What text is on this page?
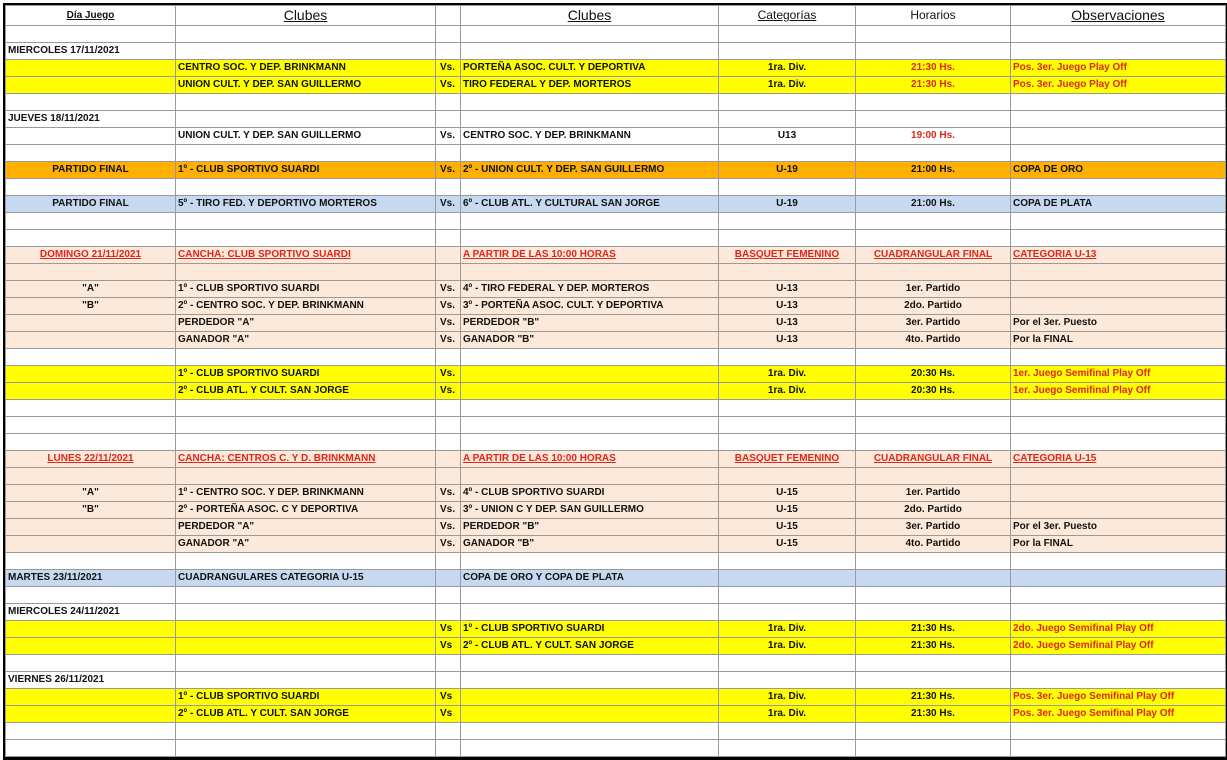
Día Juego	Clubes		Clubes	Categorías	Horarios	Observaciones

MIERCOLES 17/11/2021						
	CENTRO SOC. Y DEP. BRINKMANN	Vs.	PORTEÑA ASOC. CULT. Y DEPORTIVA	1ra. Div.	21:30 Hs.	Pos. 3er. Juego Play Off
	UNION CULT. Y DEP. SAN GUILLERMO	Vs.	TIRO FEDERAL Y DEP. MORTEROS	1ra. Div.	21:30 Hs.	Pos. 3er. Juego Play Off

JUEVES 18/11/2021						
	UNION CULT. Y DEP. SAN GUILLERMO	Vs.	CENTRO SOC. Y DEP. BRINKMANN	U13	19:00 Hs.	

PARTIDO FINAL	1º - CLUB SPORTIVO SUARDI	Vs.	2º - UNION CULT. Y DEP. SAN GUILLERMO	U-19	21:00 Hs.	COPA DE ORO

PARTIDO FINAL	5º - TIRO FED. Y DEPORTIVO MORTEROS	Vs.	6º - CLUB ATL. Y CULTURAL SAN JORGE	U-19	21:00 Hs.	COPA DE PLATA

DOMINGO 21/11/2021	CANCHA: CLUB SPORTIVO SUARDI		A PARTIR DE LAS 10:00 HORAS	BASQUET FEMENINO	CUADRANGULAR FINAL	CATEGORIA U-13

"A"	1º - CLUB SPORTIVO SUARDI	Vs.	4º - TIRO FEDERAL Y DEP. MORTEROS	U-13	1er. Partido	
"B"	2º - CENTRO SOC. Y DEP. BRINKMANN	Vs.	3º - PORTEÑA ASOC. CULT. Y DEPORTIVA	U-13	2do. Partido	
	PERDEDOR "A"	Vs.	PERDEDOR "B"	U-13	3er. Partido	Por el 3er. Puesto
	GANADOR "A"	Vs.	GANADOR "B"	U-13	4to. Partido	Por la FINAL

	1º - CLUB SPORTIVO SUARDI	Vs.		1ra. Div.	20:30 Hs.	1er. Juego Semifinal Play Off
	2º - CLUB ATL. Y CULT. SAN JORGE	Vs.		1ra. Div.	20:30 Hs.	1er. Juego Semifinal Play Off

LUNES 22/11/2021	CANCHA: CENTROS C. Y D. BRINKMANN		A PARTIR DE LAS 10:00 HORAS	BASQUET FEMENINO	CUADRANGULAR FINAL	CATEGORIA U-15

"A"	1º - CENTRO SOC. Y DEP. BRINKMANN	Vs.	4º - CLUB SPORTIVO SUARDI	U-15	1er. Partido	
"B"	2º - PORTEÑA ASOC. C Y DEPORTIVA	Vs.	3º - UNION C Y DEP. SAN GUILLERMO	U-15	2do. Partido	
	PERDEDOR "A"	Vs.	PERDEDOR "B"	U-15	3er. Partido	Por el 3er. Puesto
	GANADOR "A"	Vs.	GANADOR "B"	U-15	4to. Partido	Por la FINAL

MARTES 23/11/2021	CUADRANGULARES CATEGORIA U-15		COPA DE ORO Y COPA DE PLATA			

MIERCOLES 24/11/2021						
		Vs	1º - CLUB SPORTIVO SUARDI	1ra. Div.	21:30 Hs.	2do. Juego Semifinal Play Off
		Vs	2º - CLUB ATL. Y CULT. SAN JORGE	1ra. Div.	21:30 Hs.	2do. Juego Semifinal Play Off

VIERNES 26/11/2021						
	1º - CLUB SPORTIVO SUARDI	Vs		1ra. Div.	21:30 Hs.	Pos. 3er. Juego Semifinal Play Off
	2º - CLUB ATL. Y CULT. SAN JORGE	Vs		1ra. Div.	21:30 Hs.	Pos. 3er. Juego Semifinal Play Off
